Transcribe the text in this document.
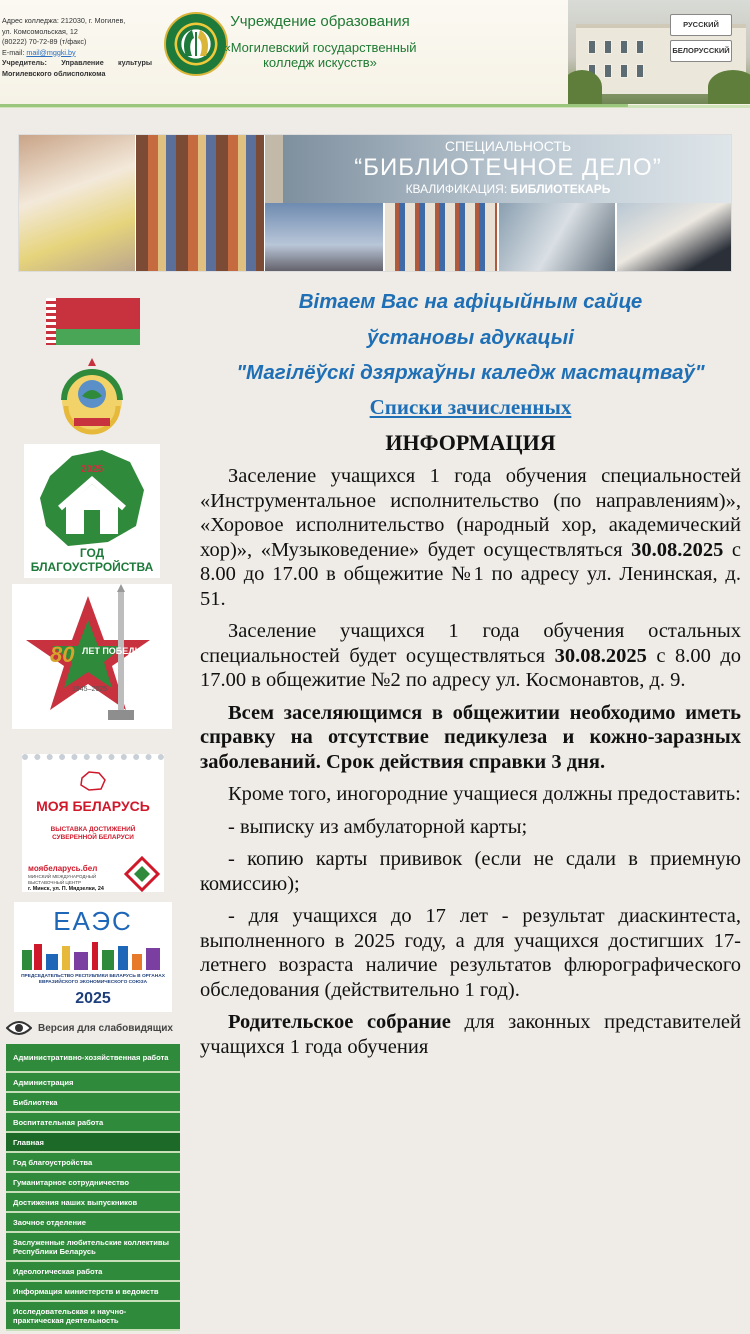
Адрес колледжа: 212030, г. Могилев,
ул. Комсомольская, 12
(80222) 70-72-89 (т/факс)
E-mail: mail@mggki.by
Учредитель: Управление культуры
Могилевского облисполкома
Учреждение образования
«Могилевский государственный колледж искусств»
РУССКИЙ
БЕЛОРУССКИЙ
СПЕЦИАЛЬНОСТЬ
“БИБЛИОТЕЧНОЕ ДЕЛО”
КВАЛИФИКАЦИЯ: БИБЛИОТЕКАРЬ
2025
ГОД БЛАГОУСТРОЙСТВА
80 ЛЕТ ПОБЕДЫ
1945–2025
МОЯ БЕЛАРУСЬ
ВЫСТАВКА ДОСТИЖЕНИЙ СУВЕРЕННОЙ БЕЛАРУСИ
моябеларусь.бел
МИНСКИЙ МЕЖДУНАРОДНЫЙ ВЫСТАВОЧНЫЙ ЦЕНТР
г. Минск, ул. П. Мядзелки, 24
ЕАЭС
ПРЕДСЕДАТЕЛЬСТВО РЕСПУБЛИКИ БЕЛАРУСЬ В ОРГАНАХ ЕВРАЗИЙСКОГО ЭКОНОМИЧЕСКОГО СОЮЗА
2025
Версия для слабовидящих
Административно-хозяйственная работа
Администрация
Библиотека
Воспитательная работа
Главная
Год благоустройства
Гуманитарное сотрудничество
Достижения наших выпускников
Заочное отделение
Заслуженные любительские коллективы Республики Беларусь
Идеологическая работа
Информация министерств и ведомств
Исследовательская и научно-практическая деятельность
Вітаем Вас на афіцыйным сайце
ўстановы адукацыі
"Магілёўскі дзяржаўны каледж мастацтваў"
Списки зачисленных
ИНФОРМАЦИЯ

Заселение учащихся 1 года обучения специальностей «Инструментальное исполнительство (по направлениям)», «Хоровое исполнительство (народный хор, академический хор)», «Музыковедение» будет осуществляться 30.08.2025 с 8.00 до 17.00 в общежитие №1 по адресу ул. Ленинская, д. 51.

Заселение учащихся 1 года обучения остальных специальностей будет осуществляться 30.08.2025 с 8.00 до 17.00 в общежитие №2 по адресу ул. Космонавтов, д. 9.

Всем заселяющимся в общежитии необходимо иметь справку на отсутствие педикулеза и кожно-заразных заболеваний. Срок действия справки 3 дня.

Кроме того, иногородние учащиеся должны предоставить:

- выписку из амбулаторной карты;

- копию карты прививок (если не сдали в приемную комиссию);

- для учащихся до 17 лет - результат диаскинтеста, выполненного в 2025 году, а для учащихся достигших 17-летнего возраста наличие результатов флюрографического обследования (действительно 1 год).

Родительское собрание для законных представителей учащихся 1 года обучения
